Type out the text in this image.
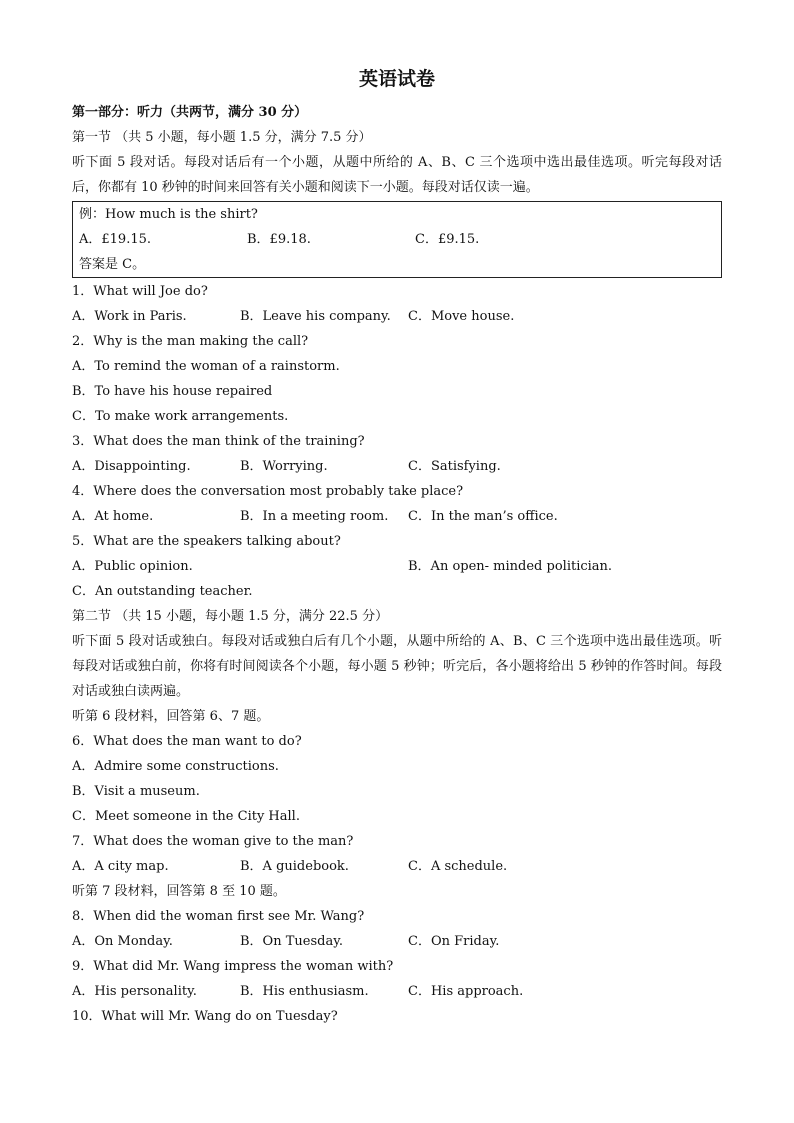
英语试卷
第一部分：听力（共两节，满分 30 分）
第一节 （共 5 小题，每小题 1.5 分，满分 7.5 分）
听下面 5 段对话。每段对话后有一个小题，从题中所给的 A、B、C 三个选项中选出最佳选项。听完每段对话后，你都有 10 秒钟的时间来回答有关小题和阅读下一小题。每段对话仅读一遍。
例：How much is the shirt?
A．£19.15.	B．£9.18.	C．£9.15.
答案是 C。
1．What will Joe do?
A．Work in Paris.	B．Leave his company. C．Move house.
2．Why is the man making the call?
A．To remind the woman of a rainstorm.
B．To have his house repaired
C．To make work arrangements.
3．What does the man think of the training?
A．Disappointing.	B．Worrying.	C．Satisfying.
4．Where does the conversation most probably take place?
A．At home.	B．In a meeting room. C．In the man’s office.
5．What are the speakers talking about?
A．Public opinion.	B．An open- minded politician.
C．An outstanding teacher.
第二节 （共 15 小题，每小题 1.5 分，满分 22.5 分）
听下面 5 段对话或独白。每段对话或独白后有几个小题，从题中所给的 A、B、C 三个选项中选出最佳选项。听每段对话或独白前，你将有时间阅读各个小题，每小题 5 秒钟；听完后，各小题将给出 5 秒钟的作答时间。每段对话或独白读两遍。
听第 6 段材料，回答第 6、7 题。
6．What does the man want to do?
A．Admire some constructions.
B．Visit a museum.
C．Meet someone in the City Hall.
7．What does the woman give to the man?
A．A city map.	B．A guidebook.	C．A schedule.
听第 7 段材料，回答第 8 至 10 题。
8．When did the woman first see Mr. Wang?
A．On Monday.	B．On Tuesday.	C．On Friday.
9．What did Mr. Wang impress the woman with?
A．His personality.	B．His enthusiasm.	C．His approach.
10．What will Mr. Wang do on Tuesday?
